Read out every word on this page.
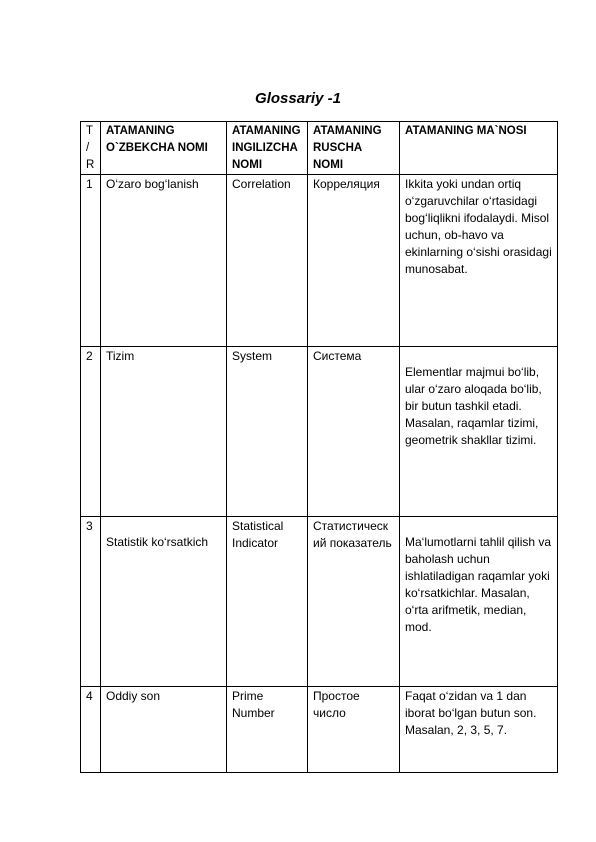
Glossariy -1
T / R	ATAMANING O`ZBEKCHA NOMI	ATAMANING INGILIZCHA NOMI	ATAMANING RUSCHA NOMI	ATAMANING MA`NOSI
1	O‘zaro bog‘lanish	Correlation	Корреляция	Ikkita yoki undan ortiq o‘zgaruvchilar o‘rtasidagi bog‘liqlikni ifodalaydi. Misol uchun, ob-havo va ekinlarning o‘sishi orasidagi munosabat.
2	Tizim	System	Система	Elementlar majmui bo‘lib, ular o‘zaro aloqada bo‘lib, bir butun tashkil etadi. Masalan, raqamlar tizimi, geometrik shakllar tizimi.
3	Statistik ko‘rsatkich	Statistical Indicator	Статистический показатель	Ma‘lumotlarni tahlil qilish va baholash uchun ishlatiladigan raqamlar yoki ko‘rsatkichlar. Masalan, o‘rta arifmetik, median, mod.
4	Oddiy son	Prime Number	Простое число	Faqat o‘zidan va 1 dan iborat bo‘lgan butun son. Masalan, 2, 3, 5, 7.
